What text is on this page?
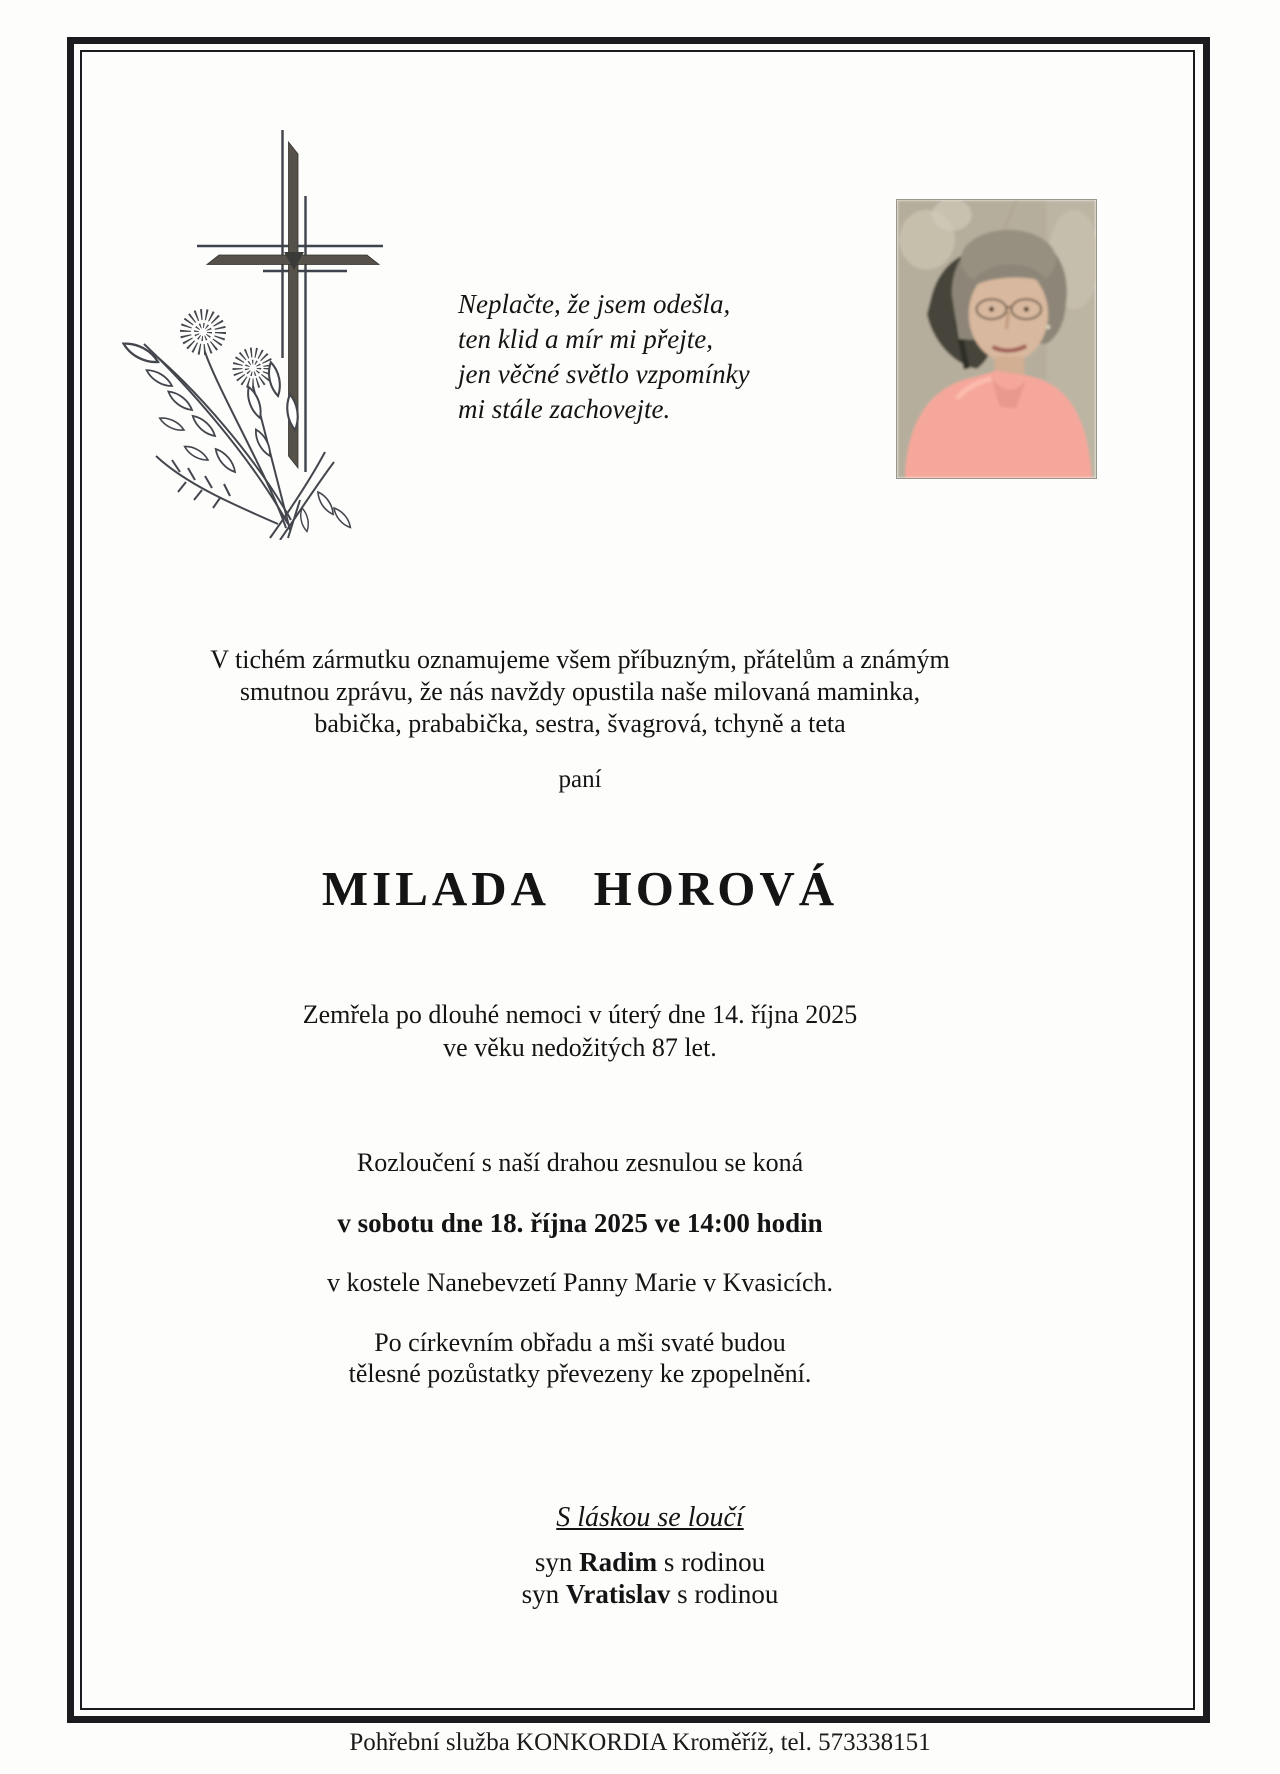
Neplačte, že jsem odešla,
ten klid a mír mi přejte,
jen věčné světlo vzpomínky
mi stále zachovejte.
V tichém zármutku oznamujeme všem příbuzným, přátelům a známým
smutnou zprávu, že nás navždy opustila naše milovaná maminka,
babička, prababička, sestra, švagrová, tchyně a teta
paní
MILADA HOROVÁ
Zemřela po dlouhé nemoci v úterý dne 14. října 2025
ve věku nedožitých 87 let.
Rozloučení s naší drahou zesnulou se koná
v sobotu dne 18. října 2025 ve 14:00 hodin
v kostele Nanebevzetí Panny Marie v Kvasicích.
Po církevním obřadu a mši svaté budou
tělesné pozůstatky převezeny ke zpopelnění.
S láskou se loučí
syn Radim s rodinou
syn Vratislav s rodinou
Pohřební služba KONKORDIA Kroměříž, tel. 573338151
